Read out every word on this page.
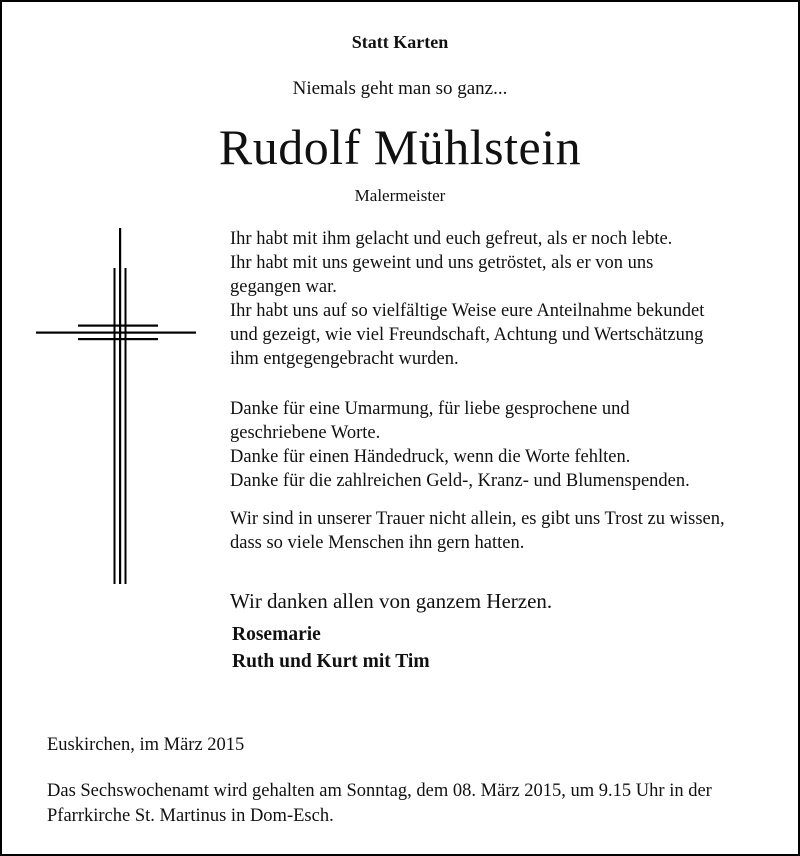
Statt Karten
Niemals geht man so ganz...
Rudolf Mühlstein
Malermeister
Ihr habt mit ihm gelacht und euch gefreut, als er noch lebte.
Ihr habt mit uns geweint und uns getröstet, als er von uns
gegangen war.
Ihr habt uns auf so vielfältige Weise eure Anteilnahme bekundet
und gezeigt, wie viel Freundschaft, Achtung und Wertschätzung
ihm entgegengebracht wurden.
Danke für eine Umarmung, für liebe gesprochene und
geschriebene Worte.
Danke für einen Händedruck, wenn die Worte fehlten.
Danke für die zahlreichen Geld-, Kranz- und Blumenspenden.
Wir sind in unserer Trauer nicht allein, es gibt uns Trost zu wissen,
dass so viele Menschen ihn gern hatten.
Wir danken allen von ganzem Herzen.
Rosemarie
Ruth und Kurt mit Tim
Euskirchen, im März 2015
Das Sechswochenamt wird gehalten am Sonntag, dem 08. März 2015, um 9.15 Uhr in der
Pfarrkirche St. Martinus in Dom-Esch.
